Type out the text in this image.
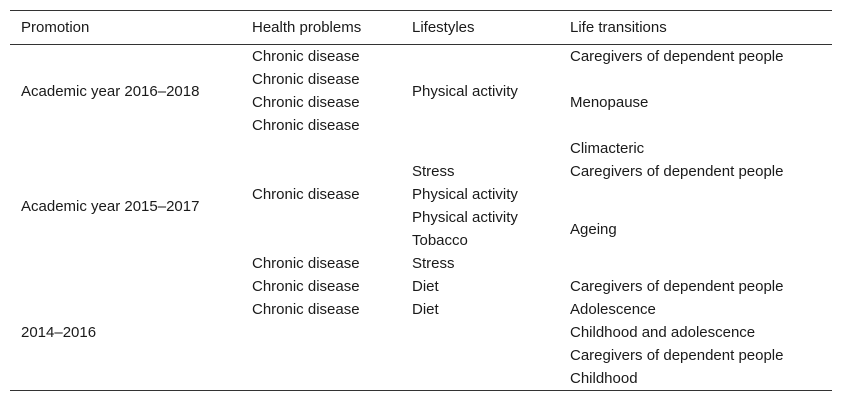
Promotion	Health problems	Lifestyles	Life transitions
Academic year 2016–2018	Chronic disease	Physical activity	Caregivers of dependent people
	Chronic disease		Menopause
	Chronic disease		
	Chronic disease		
Academic year 2015–2017	Chronic disease		Climacteric
		Stress	Caregivers of dependent people
		Physical activity	
		Physical activity	Ageing
		Tobacco	
	Chronic disease	Stress	
2014–2016	Chronic disease	Diet	Caregivers of dependent people
	Chronic disease	Diet	Adolescence
			Childhood and adolescence
			Caregivers of dependent people
			Childhood
